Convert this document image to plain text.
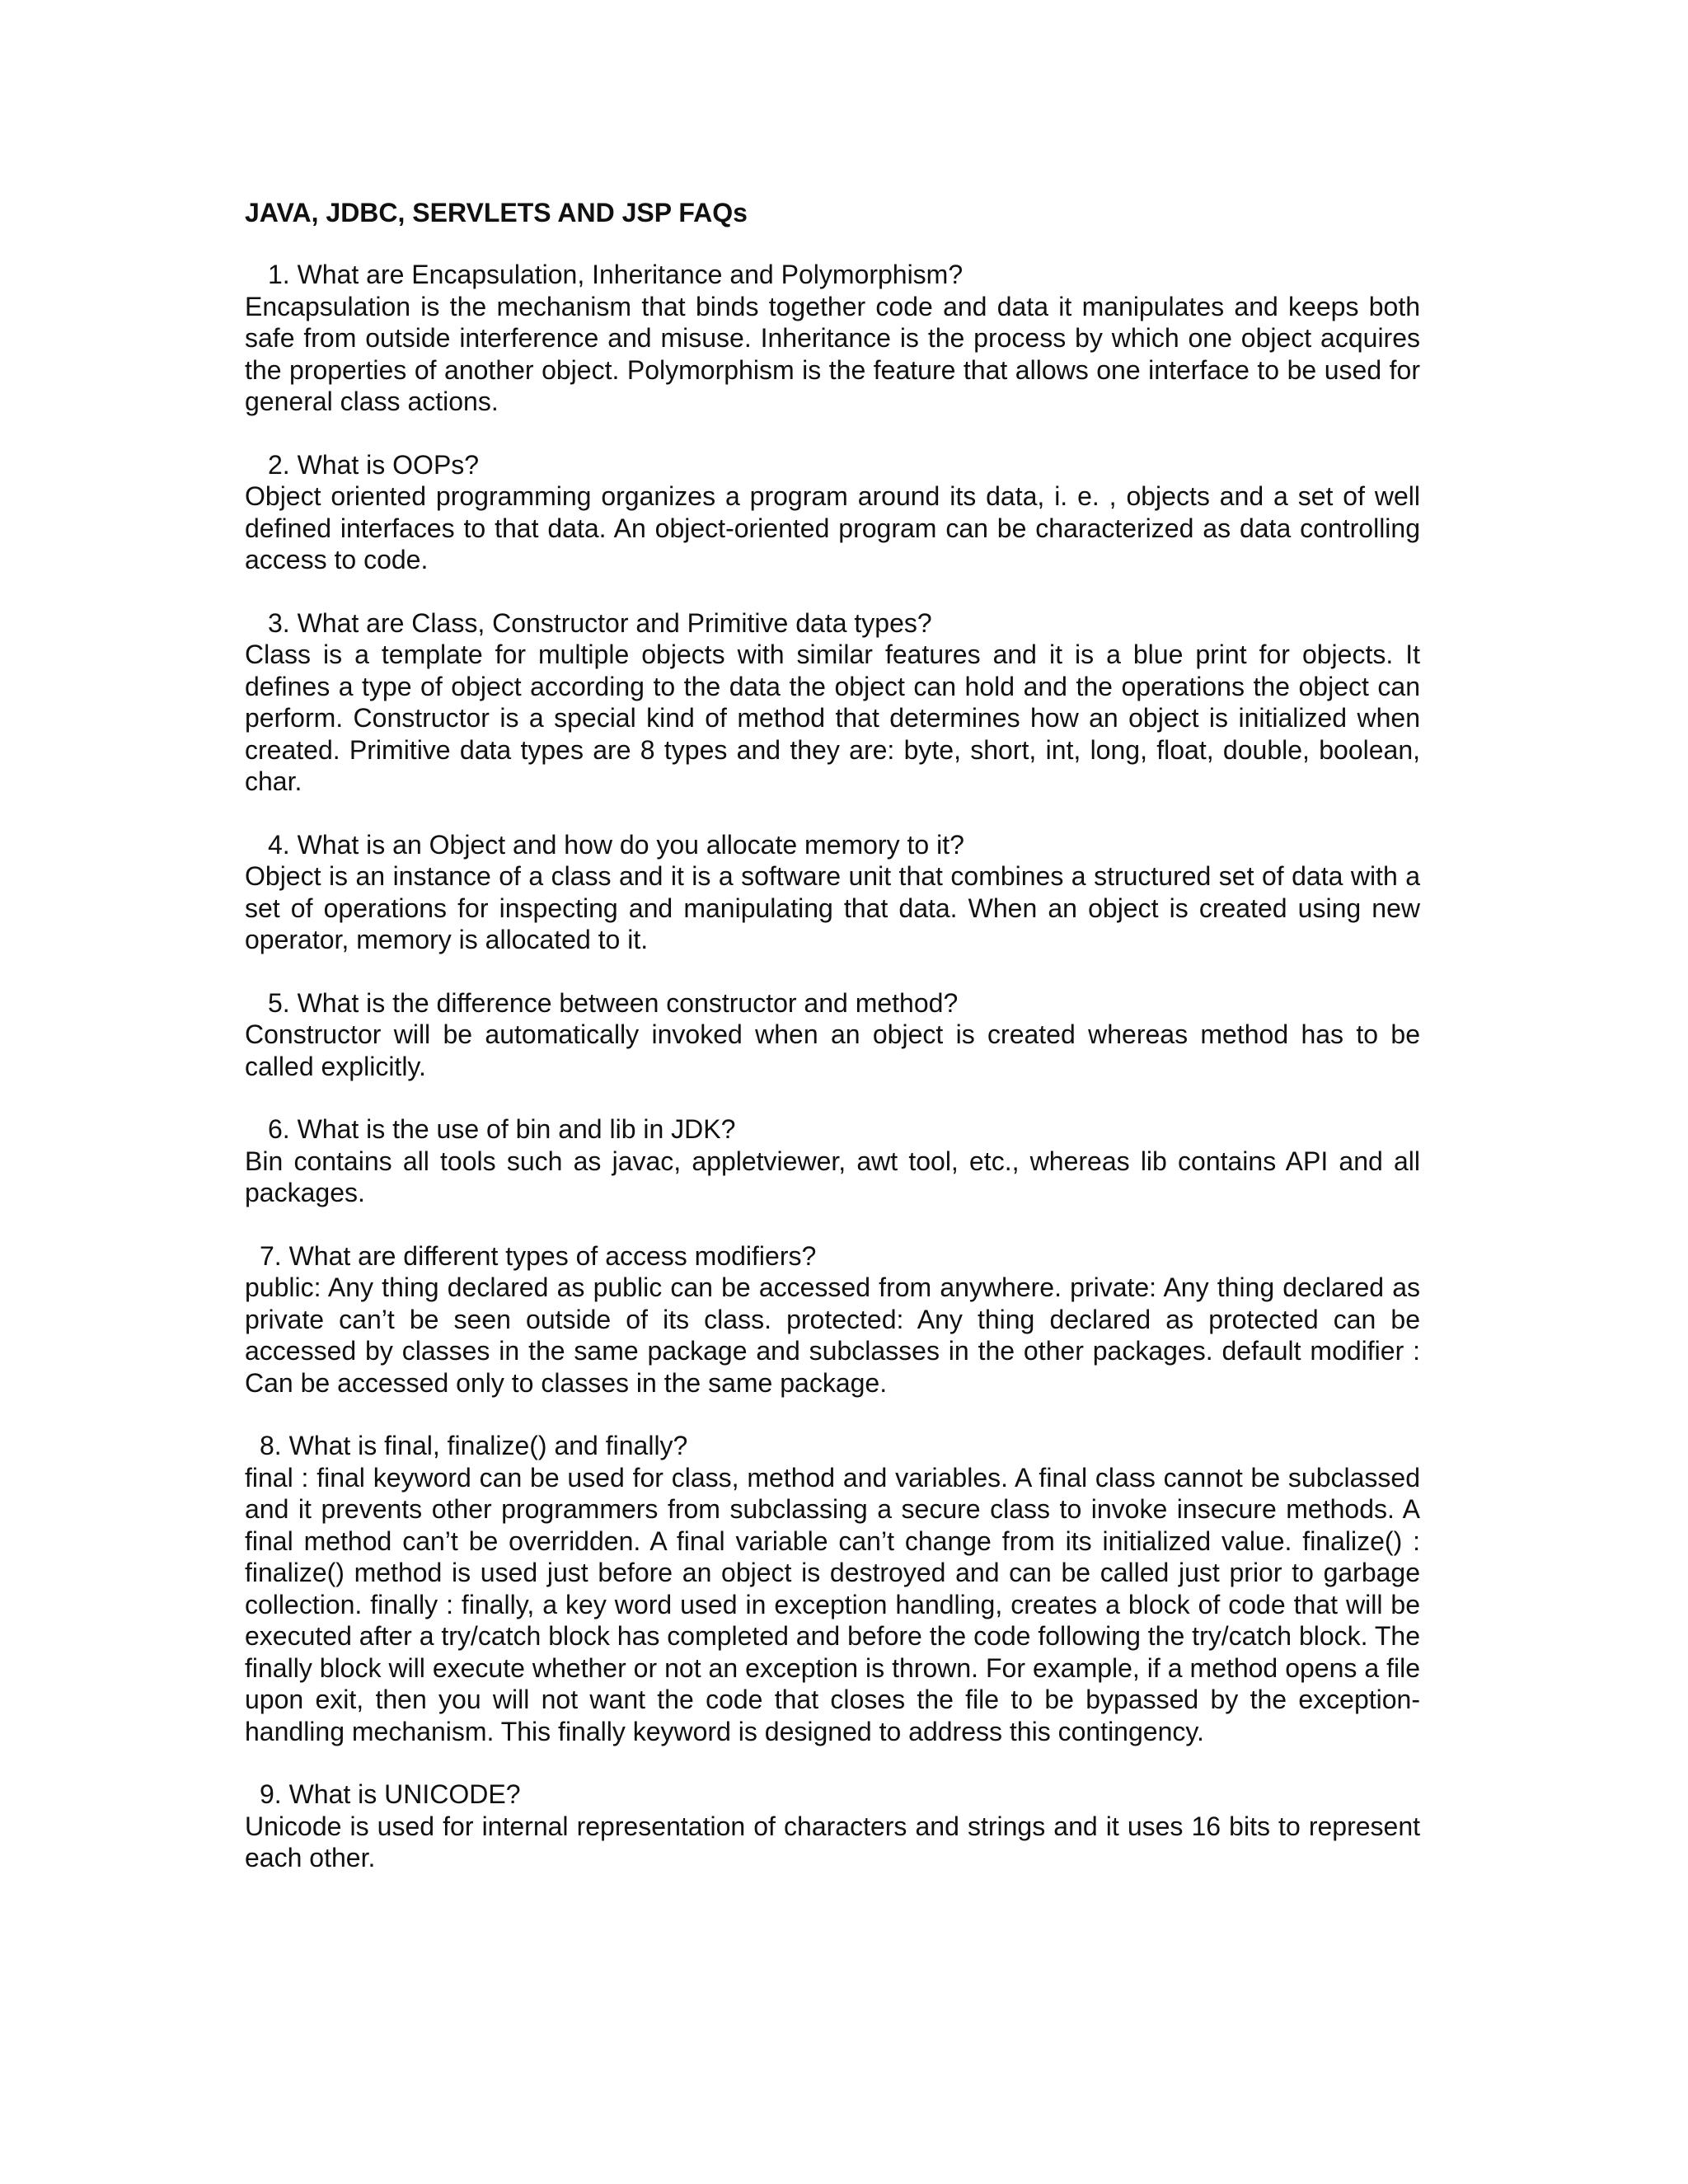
JAVA, JDBC, SERVLETS AND JSP FAQs

1. What are Encapsulation, Inheritance and Polymorphism?

Encapsulation is the mechanism that binds together code and data it manipulates and keeps both safe from outside interference and misuse. Inheritance is the process by which one object acquires the properties of another object. Polymorphism is the feature that allows one interface to be used for general class actions.

2. What is OOPs?

Object oriented programming organizes a program around its data, i. e. , objects and a set of well defined interfaces to that data. An object-oriented program can be characterized as data controlling access to code.

3. What are Class, Constructor and Primitive data types?

Class is a template for multiple objects with similar features and it is a blue print for objects. It defines a type of object according to the data the object can hold and the operations the object can perform. Constructor is a special kind of method that determines how an object is initialized when created. Primitive data types are 8 types and they are: byte, short, int, long, float, double, boolean, char.

4. What is an Object and how do you allocate memory to it?

Object is an instance of a class and it is a software unit that combines a structured set of data with a set of operations for inspecting and manipulating that data. When an object is created using new operator, memory is allocated to it.

5. What is the difference between constructor and method?

Constructor will be automatically invoked when an object is created whereas method has to be called explicitly.

6. What is the use of bin and lib in JDK?

Bin contains all tools such as javac, appletviewer, awt tool, etc., whereas lib contains API and all packages.

7. What are different types of access modifiers?

public: Any thing declared as public can be accessed from anywhere. private: Any thing declared as private can’t be seen outside of its class. protected: Any thing declared as protected can be accessed by classes in the same package and subclasses in the other packages. default modifier : Can be accessed only to classes in the same package.

8. What is final, finalize() and finally?

final : final keyword can be used for class, method and variables. A final class cannot be subclassed and it prevents other programmers from subclassing a secure class to invoke insecure methods. A final method can’t be overridden. A final variable can’t change from its initialized value. finalize() : finalize() method is used just before an object is destroyed and can be called just prior to garbage collection. finally : finally, a key word used in exception handling, creates a block of code that will be executed after a try/catch block has completed and before the code following the try/catch block. The finally block will execute whether or not an exception is thrown. For example, if a method opens a file upon exit, then you will not want the code that closes the file to be bypassed by the exception-handling mechanism. This finally keyword is designed to address this contingency.

9. What is UNICODE?

Unicode is used for internal representation of characters and strings and it uses 16 bits to represent each other.
